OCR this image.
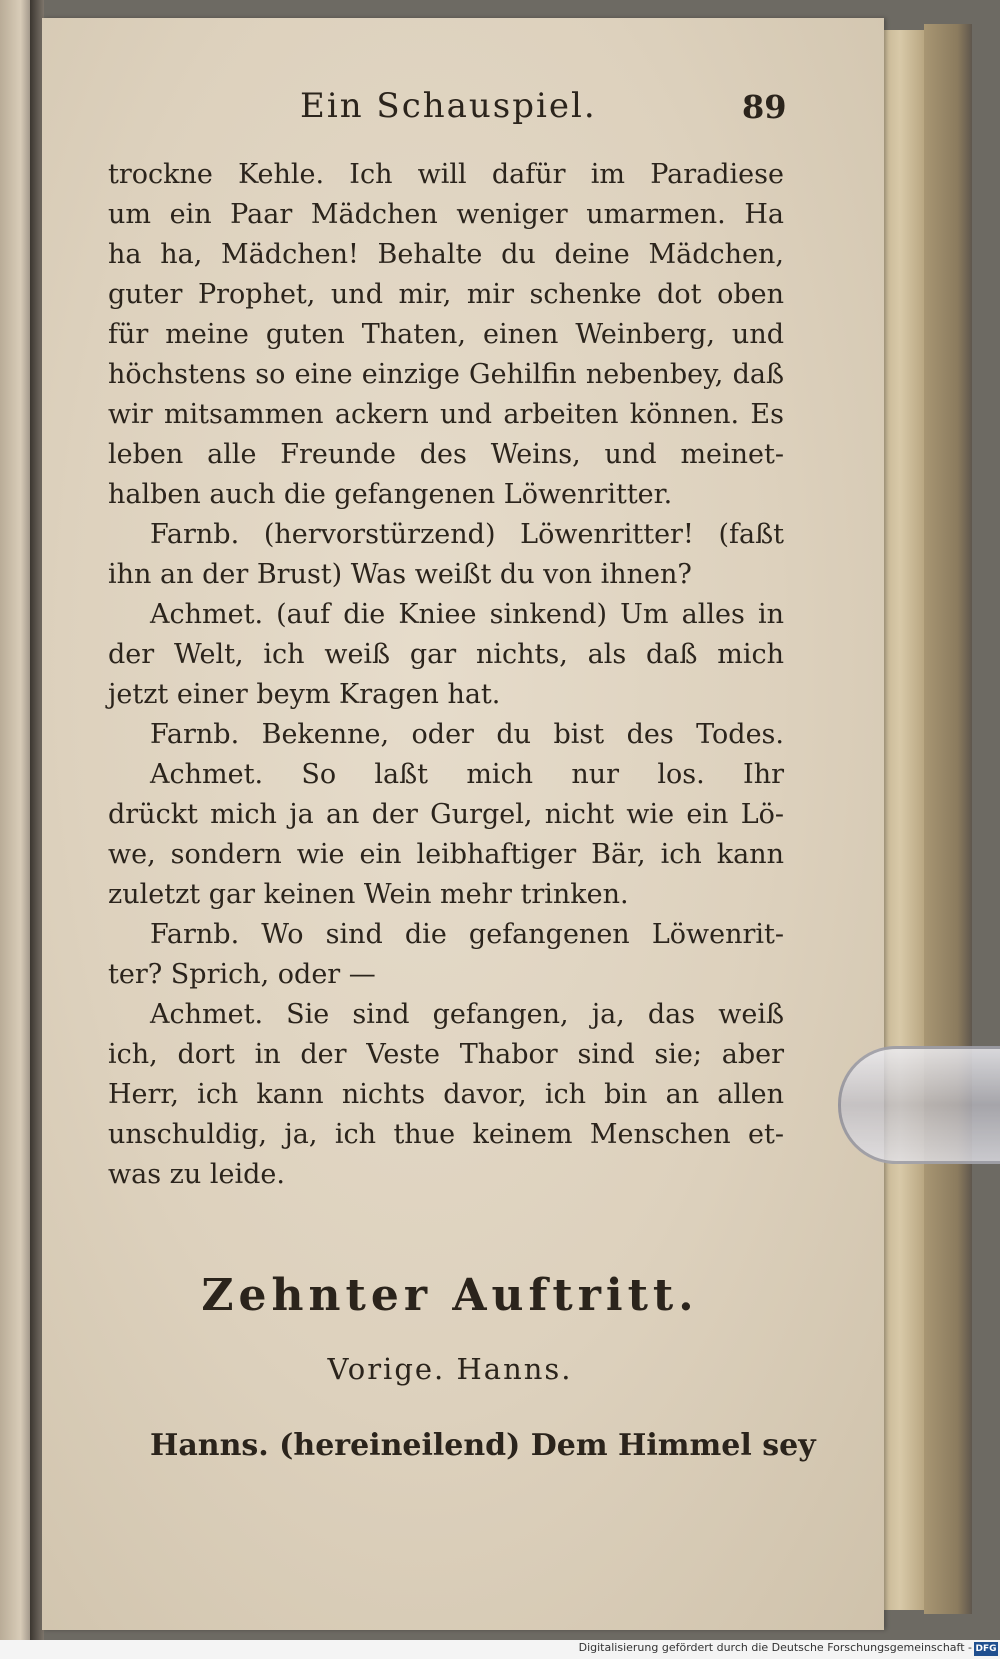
Ein Schauspiel.	89
trockne Kehle. Ich will dafür im Paradiese
um ein Paar Mädchen weniger umarmen. Ha
ha ha, Mädchen! Behalte du deine Mädchen,
guter Prophet, und mir, mir schenke dot oben
für meine guten Thaten, einen Weinberg, und
höchstens so eine einzige Gehilfin nebenbey, daß
wir mitsammen ackern und arbeiten können. Es
leben alle Freunde des Weins, und meinet-
halben auch die gefangenen Löwenritter.
Farnb. (hervorstürzend) Löwenritter! (faßt
ihn an der Brust) Was weißt du von ihnen?
Achmet. (auf die Kniee sinkend) Um alles in
der Welt, ich weiß gar nichts, als daß mich
jetzt einer beym Kragen hat.
Farnb. Bekenne, oder du bist des Todes.
Achmet. So laßt mich nur los. Ihr
drückt mich ja an der Gurgel, nicht wie ein Lö-
we, sondern wie ein leibhaftiger Bär, ich kann
zuletzt gar keinen Wein mehr trinken.
Farnb. Wo sind die gefangenen Löwenrit-
ter? Sprich, oder —
Achmet. Sie sind gefangen, ja, das weiß
ich, dort in der Veste Thabor sind sie; aber
Herr, ich kann nichts davor, ich bin an allen
unschuldig, ja, ich thue keinem Menschen et-
was zu leide.
Zehnter Auftritt.
Vorige. Hanns.
Hanns. (hereineilend) Dem Himmel sey
Digitalisierung gefördert durch die Deutsche Forschungsgemeinschaft - DFG
